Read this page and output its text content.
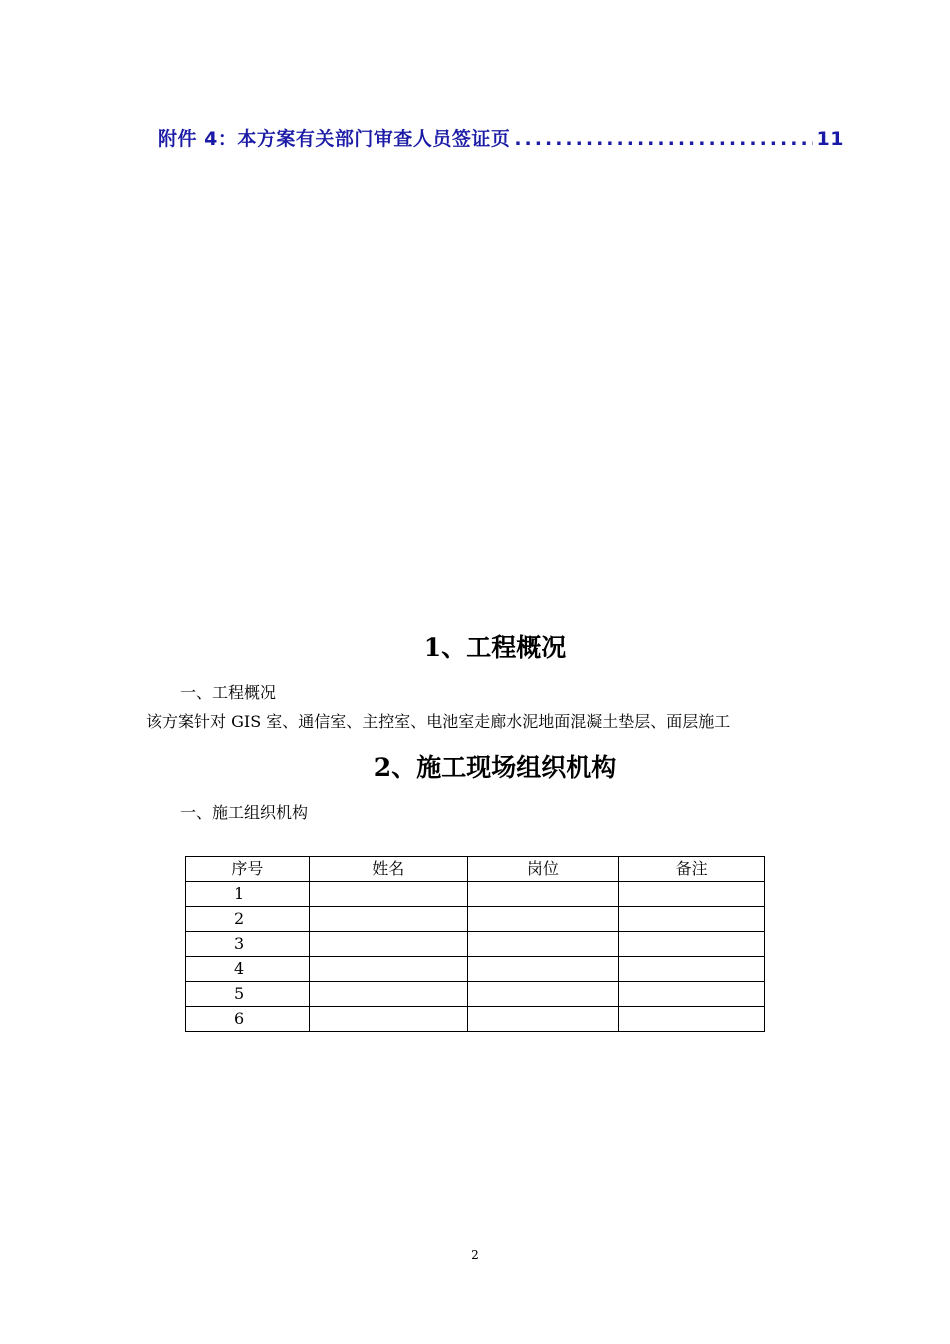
附件 4：本方案有关部门审查人员签证页 .....	11
1、工程概况
一、工程概况
该方案针对 GIS 室、通信室、主控室、电池室走廊水泥地面混凝土垫层、面层施工
2、施工现场组织机构
一、施工组织机构
序号	姓名	岗位	备注
1			
2			
3			
4			
5			
6			
2
